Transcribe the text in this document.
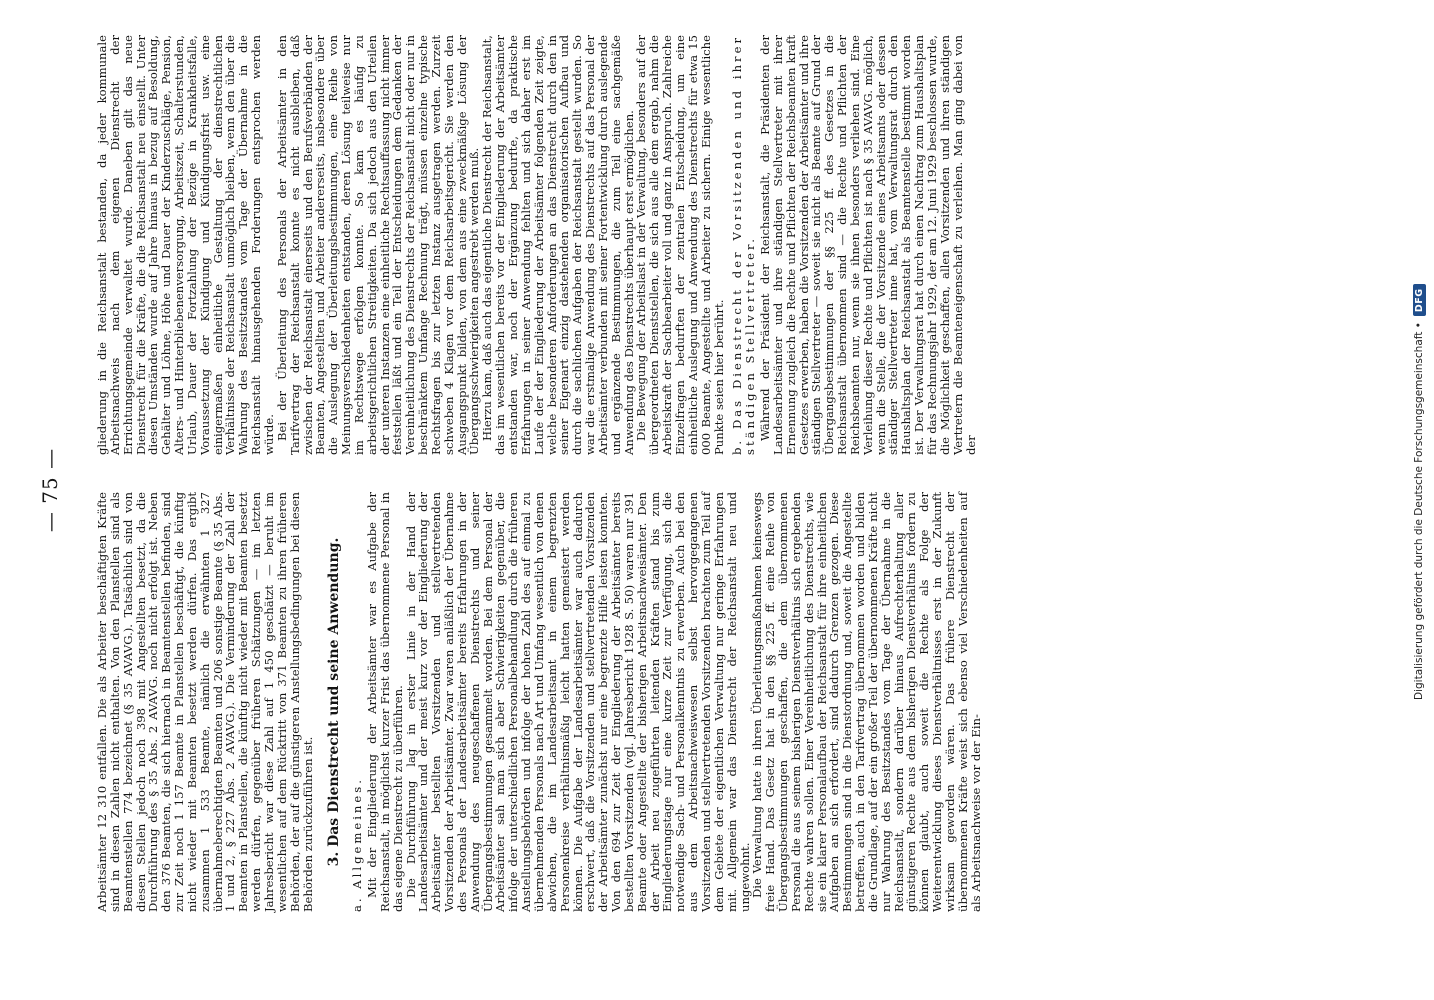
— 75 —

Arbeitsämter 12 310 entfallen. Die als Arbeiter beschäftigten Kräfte sind in diesen Zahlen nicht enthalten. Von den Planstellen sind als Beamtenstellen 774 bezeichnet (§ 35 AVAVG.). Tatsächlich sind von diesen Stellen jedoch noch 398 mit Angestellten besetzt, da die Durchführung des § 35 Abs. 2 AVAVG. noch nicht erfolgt ist. Neben den 376 Beamten, die sich hiernach in Beamtenstellen befinden, sind zur Zeit noch 1 157 Beamte in Planstellen beschäftigt, die künftig nicht wieder mit Beamten besetzt werden dürfen. Das ergibt zusammen 1 533 Beamte, nämlich die erwähnten 1 327 übernahmeberechtigten Beamten und 206 sonstige Beamte (§ 35 Abs. 1 und 2, § 227 Abs. 2 AVAVG.). Die Verminderung der Zahl der Beamten in Planstellen, die künftig nicht wieder mit Beamten besetzt werden dürfen, gegenüber früheren Schätzungen — im letzten Jahresbericht war diese Zahl auf 1 450 geschätzt — beruht im wesentlichen auf dem Rücktritt von 371 Beamten zu ihren früheren Behörden, der auf die günstigeren Anstellungsbedingungen bei diesen Behörden zurückzuführen ist. 3. Das Dienstrecht und seine Anwendung. a. Allgemeines. Mit der Eingliederung der Arbeitsämter war es Aufgabe der Reichsanstalt, in möglichst kurzer Frist das übernommene Personal in das eigene Dienstrecht zu überführen.

Die Durchführung lag in erster Linie in der Hand der Landesarbeitsämter und der meist kurz vor der Eingliederung der Arbeitsämter bestellten Vorsitzenden und stellvertretenden Vorsitzenden der Arbeitsämter. Zwar waren anläßlich der Übernahme des Personals der Landesarbeitsämter bereits Erfahrungen in der Anwendung des neugeschaffenen Dienstrechts und seiner Übergangsbestimmungen gesammelt worden. Bei dem Personal der Arbeitsämter sah man sich aber Schwierigkeiten gegenüber, die infolge der unterschiedlichen Personalbehandlung durch die früheren Anstellungsbehörden und infolge der hohen Zahl des auf einmal zu übernehmenden Personals nach Art und Umfang wesentlich von denen abwichen, die im Landesarbeitsamt in einem begrenzten Personenkreise verhältnismäßig leicht hatten gemeistert werden können. Die Aufgabe der Landesarbeitsämter war auch dadurch erschwert, daß die Vorsitzenden und stellvertretenden Vorsitzenden der Arbeitsämter zunächst nur eine begrenzte Hilfe leisten konnten. Von den 694 zur Zeit der Eingliederung der Arbeitsämter bereits bestellten Vorsitzenden (vgl. Jahresbericht 1928 S. 50) waren nur 391 Beamte oder Angestellte der bisherigen Arbeitsnachweisämter. Den der Arbeit neu zugeführten leitenden Kräften stand bis zum Eingliederungstage nur eine kurze Zeit zur Verfügung, sich die notwendige Sach- und Personalkenntnis zu erwerben. Auch bei den aus dem Arbeitsnachweiswesen selbst hervorgegangenen Vorsitzenden und stellvertretenden Vorsitzenden brachten zum Teil auf dem Gebiete der eigentlichen Verwaltung nur geringe Erfahrungen mit. Allgemein war das Dienstrecht der Reichsanstalt neu und ungewohnt.

Die Verwaltung hatte in ihren Überleitungsmaßnahmen keineswegs freie Hand. Das Gesetz hat in den §§ 225 ff. eine Reihe von Übergangsbestimmungen geschaffen, die dem übernommenen Personal die aus seinem bisherigen Dienstverhältnis sich ergebenden Rechte wahren sollen. Einer Vereinheitlichung des Dienstrechts, wie sie ein klarer Personalaufbau der Reichsanstalt für ihre einheitlichen Aufgaben an sich erfordert, sind dadurch Grenzen gezogen. Diese Bestimmungen sind in die Dienstordnung und, soweit die Angestellte betreffen, auch in den Tarifvertrag übernommen worden und bilden die Grundlage, auf der ein großer Teil der übernommenen Kräfte nicht nur Wahrung des Besitzstandes vom Tage der Übernahme in die Reichsanstalt, sondern darüber hinaus Aufrechterhaltung aller günstigeren Rechte aus dem bisherigen Dienstverhältnis fordern zu können glaubt, auch soweit die Rechte als Folge der Weiterentwicklung dieses Dienstverhältnisses erst in der Zukunft wirksam geworden wären. Das frühere Dienstrecht der übernommenen Kräfte weist sich ebenso viel Verschiedenheiten auf als Arbeitsnachweise vor der Ein-

gliederung in die Reichsanstalt bestanden, da jeder kommunale Arbeitsnachweis nach dem eigenen Dienstrecht der Errichtungsgemeinde verwaltet wurde. Daneben gilt das neue Dienstrecht für die Kräfte, die die Reichsanstalt neu einstellt. Unter diesen Umständen wurde auf Jahre hinaus in bezug auf Besoldung, Gehälter und Löhne, Höhe und Dauer der Kinderzuschläge, Pension, Alters- und Hinterbliebenenversorgung, Arbeitszeit, Schalterstunden, Urlaub, Dauer der Fortzahlung der Bezüge in Krankheitsfalle, Voraussetzung der Kündigung und Kündigungsfrist usw. eine einigermaßen einheitliche Gestaltung der dienstrechtlichen Verhältnisse der Reichsanstalt unmöglich bleiben, wenn den über die Wahrung des Besitzstandes vom Tage der Übernahme in die Reichsanstalt hinausgehenden Forderungen entsprochen werden würde.

Bei der Überleitung des Personals der Arbeitsämter in den Tarifvertrag der Reichsanstalt konnte es nicht ausbleiben, daß zwischen der Reichsanstalt einerseits und den Berufsverbänden der Beamten, Angestellten und Arbeiter andererseits, insbesondere über die Auslegung der Überleitungsbestimmungen, eine Reihe von Meinungsverschiedenheiten entstanden, deren Lösung teilweise nur im Rechtswege erfolgen konnte. So kam es häufig zu arbeitsgerichtlichen Streitigkeiten. Da sich jedoch aus den Urteilen der unteren Instanzen eine einheitliche Rechtsauffassung nicht immer feststellen läßt und ein Teil der Entscheidungen dem Gedanken der Vereinheitlichung des Dienstrechts der Reichsanstalt nicht oder nur in beschränktem Umfange Rechnung trägt, müssen einzelne typische Rechtsfragen bis zur letzten Instanz ausgetragen werden. Zurzeit schweben 4 Klagen vor dem Reichsarbeitsgericht. Sie werden den Ausgangspunkt bilden, von dem aus eine zweckmäßige Lösung der Übergangsschwierigkeiten angestrebt werden muß.

Hierzu kam, daß auch das eigentliche Dienstrecht der Reichsanstalt, das im wesentlichen bereits vor der Eingliederung der Arbeitsämter entstanden war, noch der Ergänzung bedurfte, da praktische Erfahrungen in seiner Anwendung fehlten und sich daher erst im Laufe der der Eingliederung der Arbeitsämter folgenden Zeit zeigte, welche besonderen Anforderungen an das Dienstrecht durch den in seiner Eigenart einzig dastehenden organisatorischen Aufbau und durch die sachlichen Aufgaben der Reichsanstalt gestellt wurden. So war die erstmalige Anwendung des Dienstrechts auf das Personal der Arbeitsämter verbunden mit seiner Fortentwicklung durch auslegende und ergänzende Bestimmungen, die zum Teil eine sachgemäße Anwendung des Dienstrechts überhaupt erst ermöglichen.

Die Bewegung der Arbeitslast in der Verwaltung, besonders auf der übergeordneten Dienststellen, die sich aus alle dem ergab, nahm die Arbeitskraft der Sachbearbeiter voll und ganz in Anspruch. Zahlreiche Einzelfragen bedurften der zentralen Entscheidung, um eine einheitliche Auslegung und Anwendung des Dienstrechts für etwa 15 000 Beamte, Angestellte und Arbeiter zu sichern. Einige wesentliche Punkte seien hier berührt. b. Das Dienstrecht der Vorsitzenden und ihrer ständigen Stellvertreter. Während der Präsident der Reichsanstalt, die Präsidenten der Landesarbeitsämter und ihre ständigen Stellvertreter mit ihrer Ernennung zugleich die Rechte und Pflichten der Reichsbeamten kraft Gesetzes erwerben, haben die Vorsitzenden der Arbeitsämter und ihre ständigen Stellvertreter — soweit sie nicht als Beamte auf Grund der Übergangsbestimmungen der §§ 225 ff. des Gesetzes in die Reichsanstalt übernommen sind — die Rechte und Pflichten der Reichsbeamten nur, wenn sie ihnen besonders verliehen sind. Eine Verleihung dieser Rechte und Pflichten ist nach § 35 AVAVG. möglich, wenn die Stelle, die der Vorsitzende eines Arbeitsamts oder dessen ständiger Stellvertreter inne hat, vom Verwaltungsrat durch den Haushaltsplan der Reichsanstalt als Beamtenstelle bestimmt worden ist. Der Verwaltungsrat hat durch einen Nachtrag zum Haushaltsplan für das Rechnungsjahr 1929, der am 12. Juni 1929 beschlossen wurde, die Möglichkeit geschaffen, allen Vorsitzenden und ihren ständigen Vertretern die Beamteneigenschaft zu verleihen. Man ging dabei von der	Digitalisierung gefördert durch die Deutsche Forschungsgemeinschaft •
DFG
